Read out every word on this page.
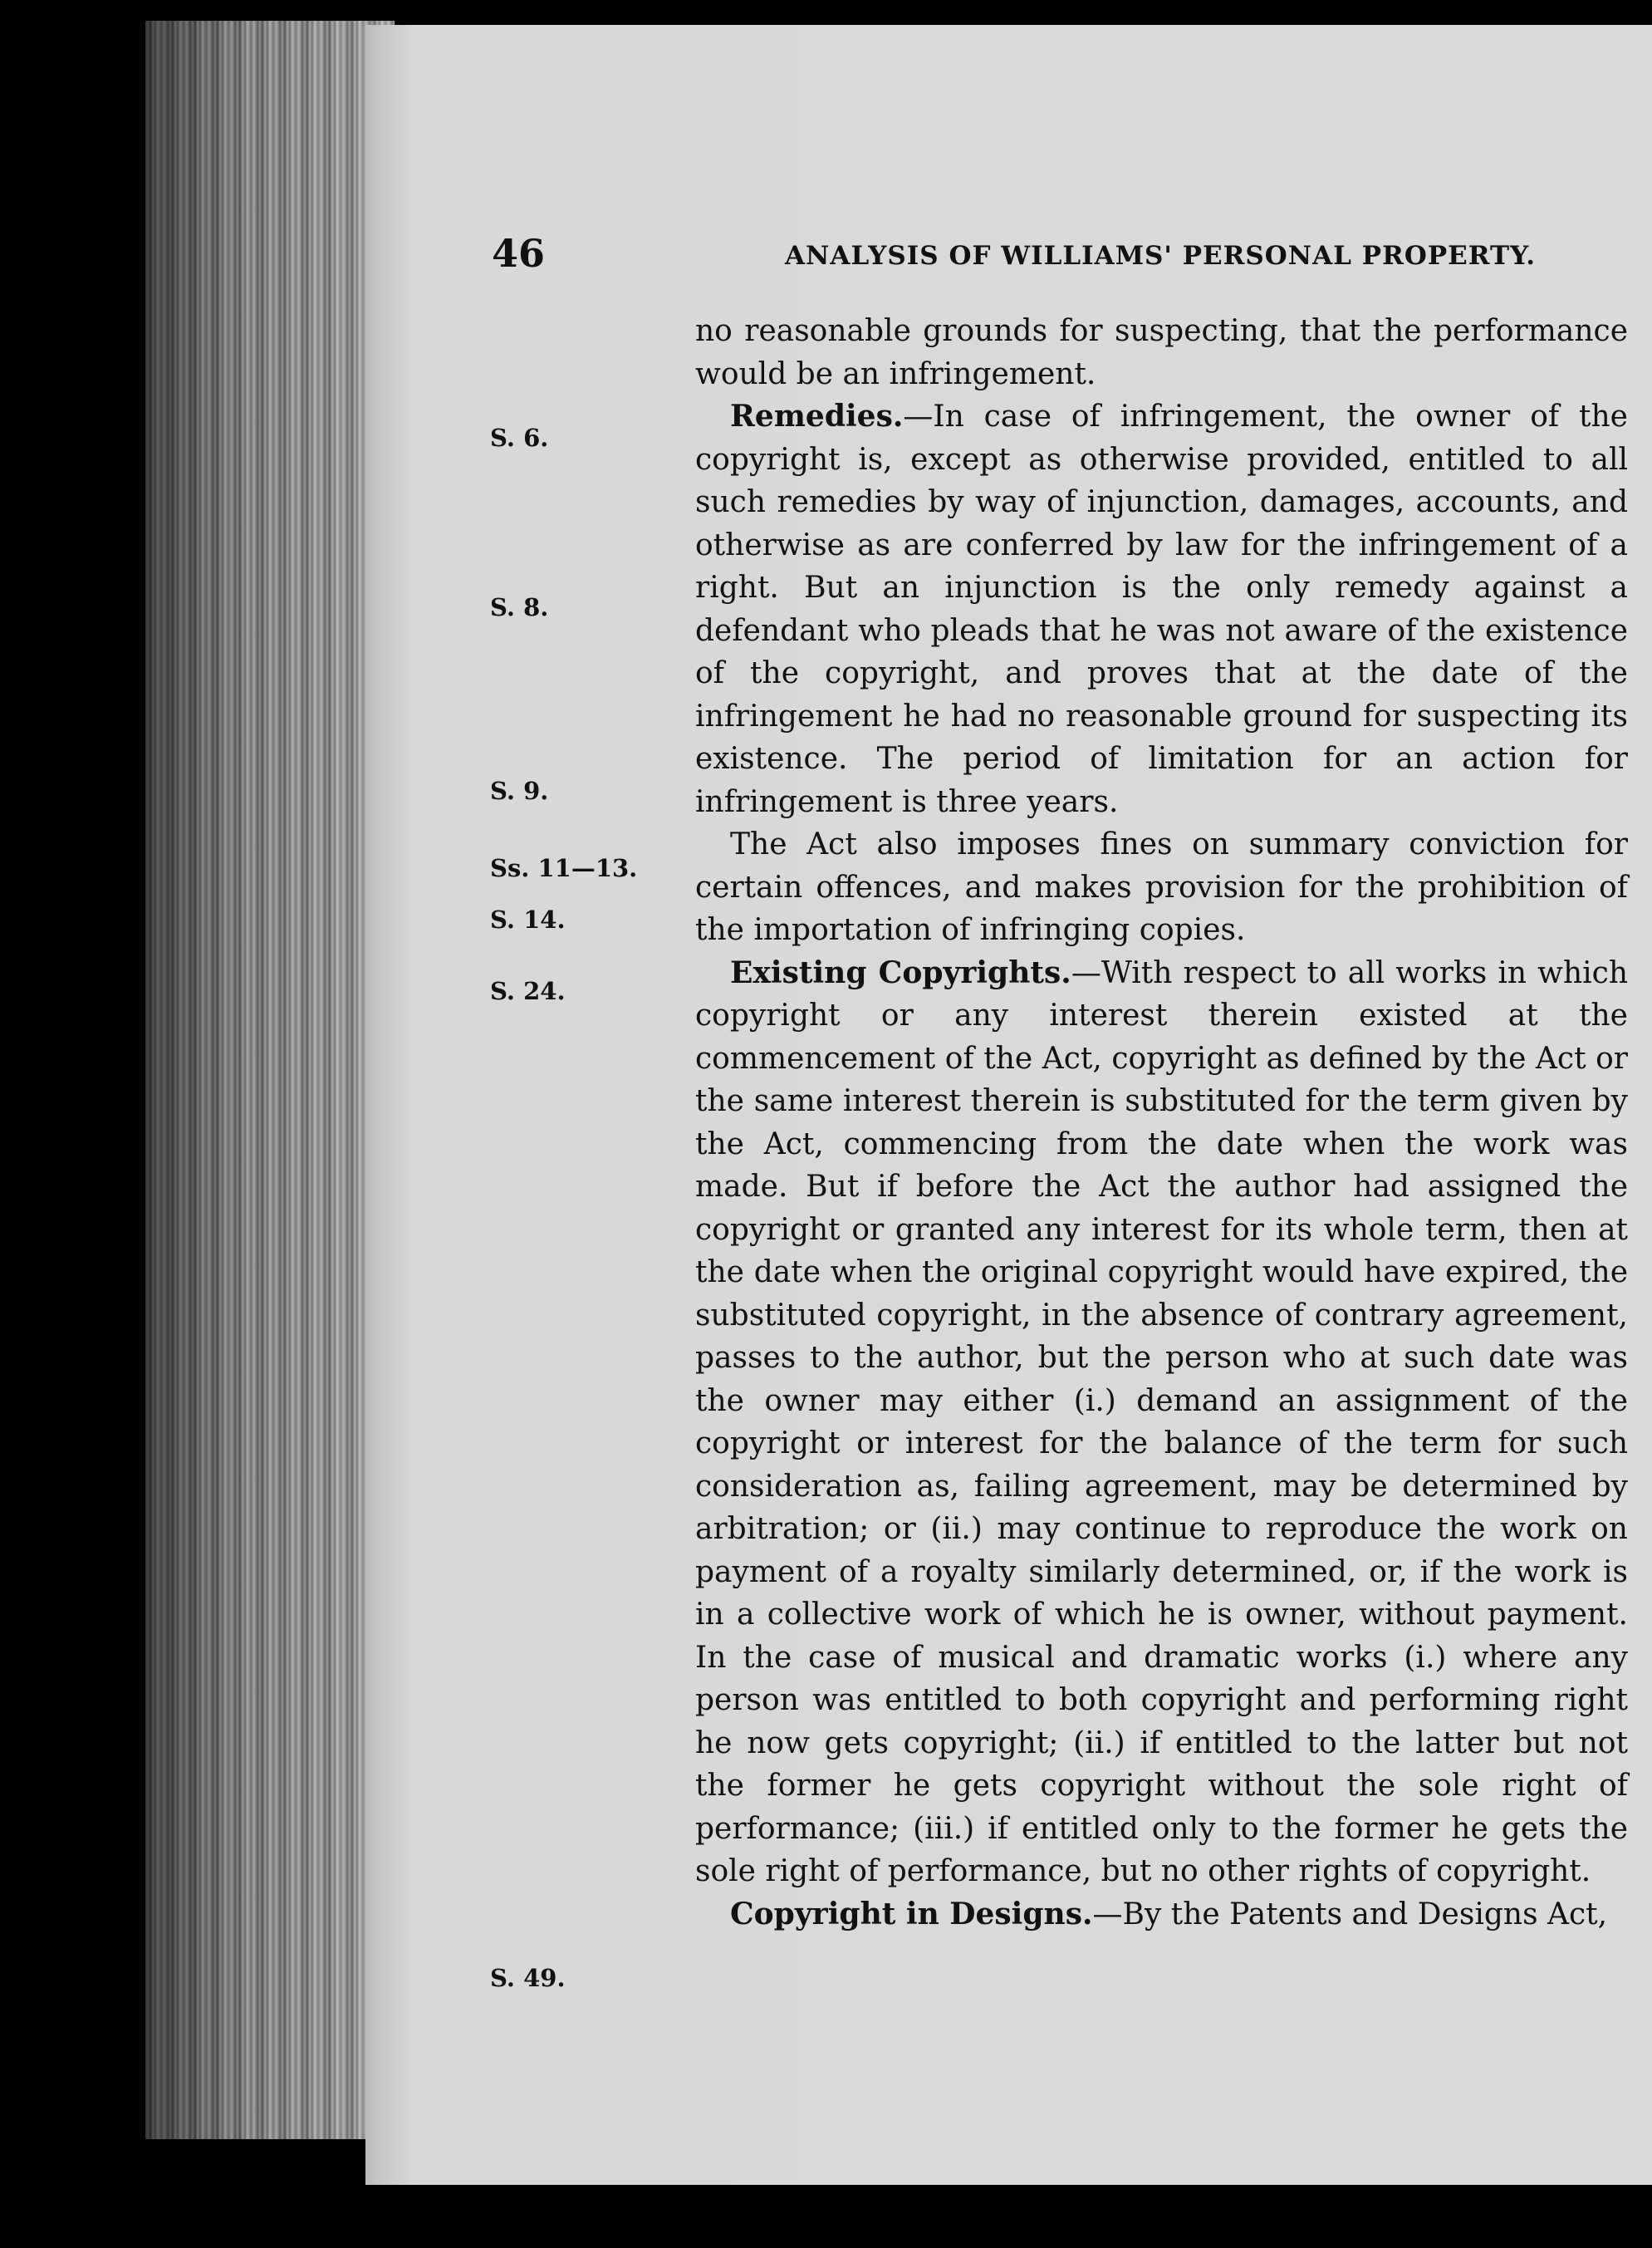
46	ANALYSIS OF WILLIAMS' PERSONAL PROPERTY.
S. 6.
S. 8.
S. 9.
Ss. 11—13.
S. 14.
S. 24.
S. 49.

no reasonable grounds for suspecting, that the performance would be an infringement.

Remedies.—In case of infringement, the owner of the copyright is, except as otherwise provided, entitled to all such remedies by way of injunction, damages, accounts, and otherwise as are conferred by law for the infringement of a right. But an injunction is the only remedy against a defendant who pleads that he was not aware of the existence of the copyright, and proves that at the date of the infringement he had no reasonable ground for suspecting its existence. The period of limitation for an action for infringement is three years.

The Act also imposes fines on summary conviction for certain offences, and makes provision for the prohibition of the importation of infringing copies.

Existing Copyrights.—With respect to all works in which copyright or any interest therein existed at the commencement of the Act, copyright as defined by the Act or the same interest therein is substituted for the term given by the Act, commencing from the date when the work was made. But if before the Act the author had assigned the copyright or granted any interest for its whole term, then at the date when the original copyright would have expired, the substituted copyright, in the absence of contrary agreement, passes to the author, but the person who at such date was the owner may either (i.) demand an assignment of the copyright or interest for the balance of the term for such consideration as, failing agreement, may be determined by arbitration; or (ii.) may continue to reproduce the work on payment of a royalty similarly determined, or, if the work is in a collective work of which he is owner, without payment. In the case of musical and dramatic works (i.) where any person was entitled to both copyright and performing right he now gets copyright; (ii.) if entitled to the latter but not the former he gets copyright without the sole right of performance; (iii.) if entitled only to the former he gets the sole right of performance, but no other rights of copyright.

Copyright in Designs.—By the Patents and Designs Act,
